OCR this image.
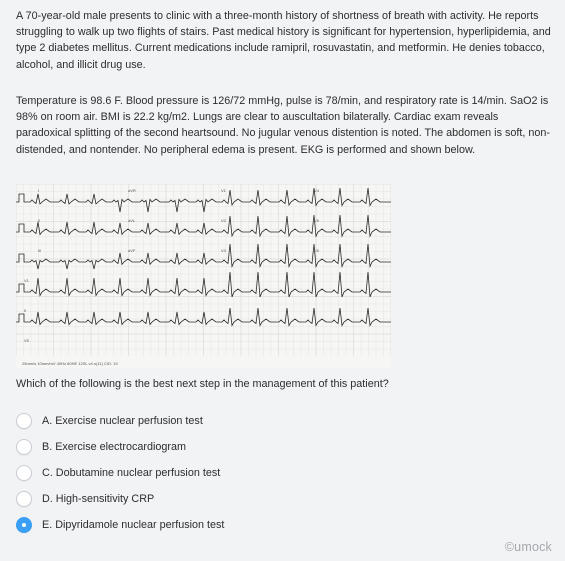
A 70-year-old male presents to clinic with a three-month history of shortness of breath with activity. He reports struggling to walk up two flights of stairs. Past medical history is significant for hypertension, hyperlipidemia, and type 2 diabetes mellitus. Current medications include ramipril, rosuvastatin, and metformin. He denies tobacco, alcohol, and illicit drug use.

Temperature is 98.6 F. Blood pressure is 126/72 mmHg, pulse is 78/min, and respiratory rate is 14/min. SaO2 is 98% on room air. BMI is 22.2 kg/m2. Lungs are clear to auscultation bilaterally. Cardiac exam reveals paradoxical splitting of the second heartsound. No jugular venous distention is noted. The abdomen is soft, non-distended, and nontender. No peripheral edema is present. EKG is performed and shown below.

I	aVR	V1	V4
II	aVL	V2	V5
III	aVF	V3	V6
V1
II
V5
25mm/s 10mm/mV 40Hz 60HE 12SL v4.n(11) CID: 19
Which of the following is the best next step in the management of this patient?
A. Exercise nuclear perfusion test
B. Exercise electrocardiogram
C. Dobutamine nuclear perfusion test
D. High-sensitivity CRP
E. Dipyridamole nuclear perfusion test
©umock
